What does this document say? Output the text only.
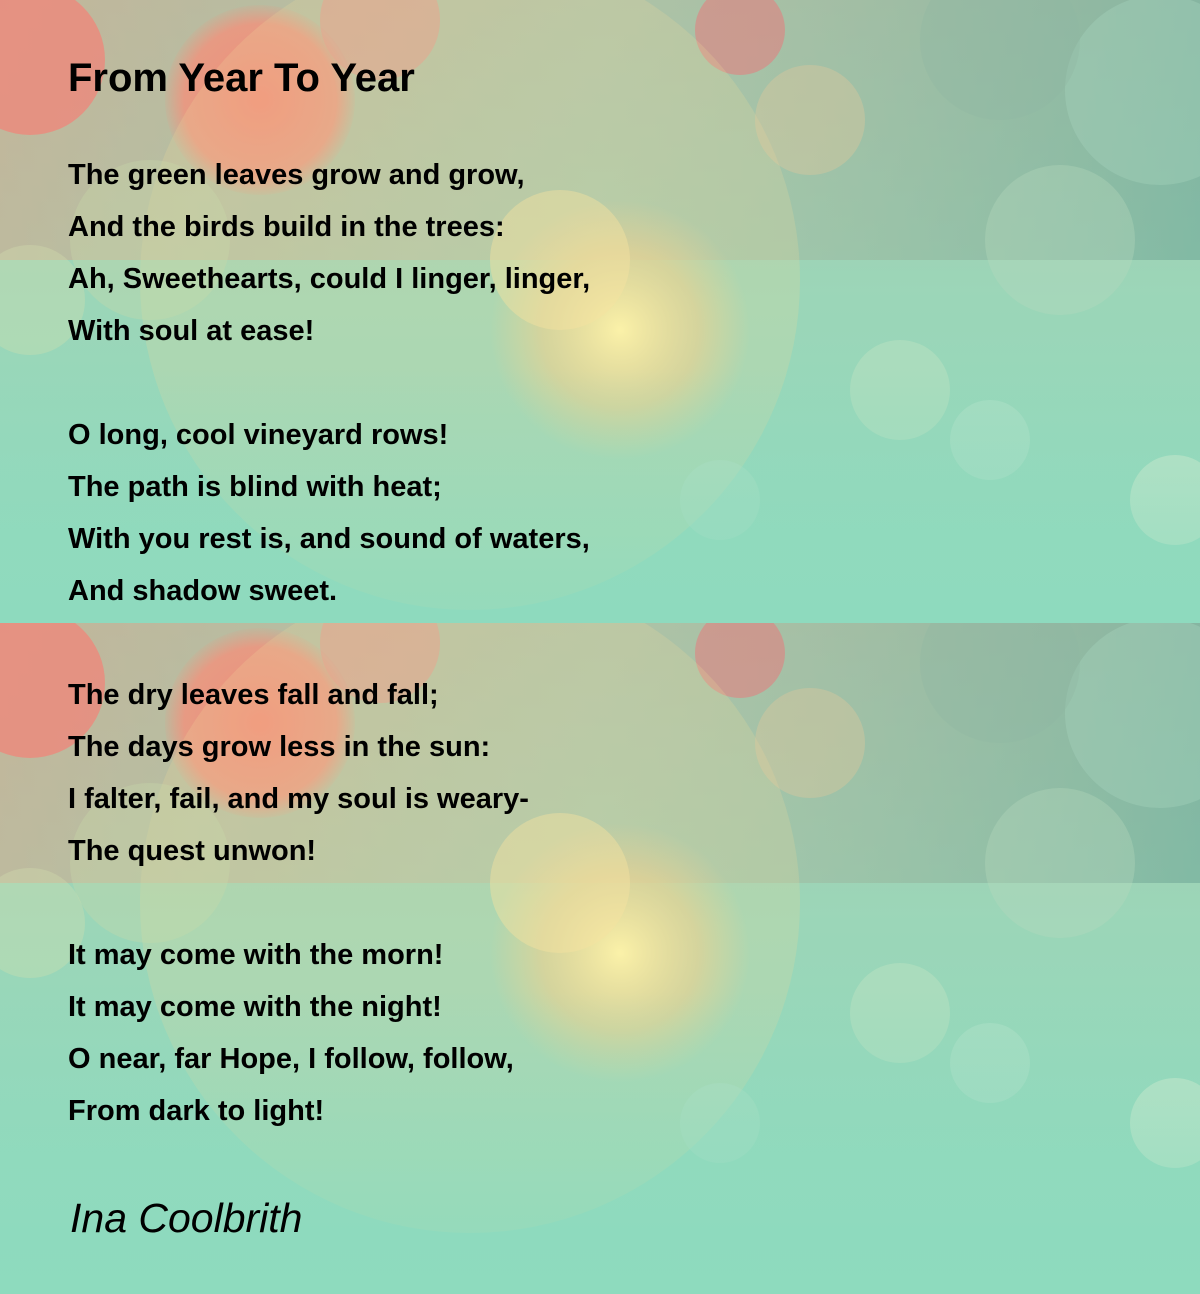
From Year To Year
The green leaves grow and grow,
And the birds build in the trees:
Ah, Sweethearts, could I linger, linger,
With soul at ease!
O long, cool vineyard rows!
The path is blind with heat;
With you rest is, and sound of waters,
And shadow sweet.
The dry leaves fall and fall;
The days grow less in the sun:
I falter, fail, and my soul is weary-
The quest unwon!
It may come with the morn!
It may come with the night!
O near, far Hope, I follow, follow,
From dark to light!
Ina Coolbrith
